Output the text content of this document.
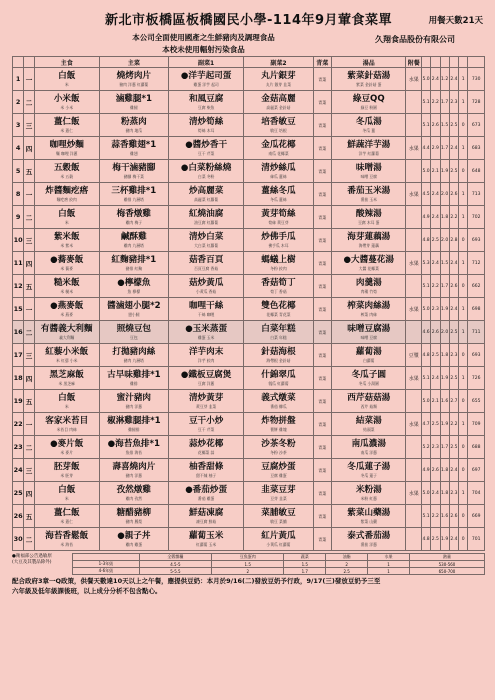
新北市板橋區板橋國民小學-114年9月葷食菜單	用餐天數21天
本公司全面使用國產之生鮮豬肉及調理食品
本校未使用輻射污染食品
久翔食品股份有限公司
		主食	主菜	副菜1	副菜2	青菜	湯品	附餐						
1	一	白飯
米	燒烤肉片
豬肉 洋蔥 紅蘿蔔	●洋芋起司蛋
雞蛋 洋芋 起司	丸片銀芽
丸片 銀芽 韭菜	青菜	紫菜針菇湯
紫菜 金針菇 蛋	水果	5.0	2.4	1.2	2.4	1	730
2	二	小米飯
米 小米	滷雞腿*1
雞腿	和風豆腐
豆腐 柴魚	金菇高麗
高麗菜 金針菇	青菜	綠豆QQ
綠豆 粉圓		5.1	2.2	1.7	2.3	1	728
3	三	薑仁飯
米 薏仁	粉蒸肉
豬肉 地瓜	清炒筍絲
筍絲 木耳	培香敏豆
敏豆 培根	青菜	冬瓜湯
冬瓜 薑		5.1	2.6	1.5	2.5	0	673
4	四	咖哩炒麵
麵 咖哩 洋蔥	蒜香雞翅*1
雞翅	●醬炒香干
豆干 芹菜	金瓜花椰
南瓜 花椰菜	青菜	鮮蔬洋芋湯
洋芋 紅蘿蔔	水果	4.4	2.9	1.7	2.4	1	683
5	五	五穀飯
米 五穀	梅干滷豬腳
豬腳 梅干菜	●白菜粉絲燒
白菜 冬粉	清炒絲瓜
絲瓜 薑絲	青菜	味噌湯
味噌 豆腐		5.0	2.1	1.9	2.5	0	648
8	一	炸醬麵疙瘩
麵疙瘩 絞肉	三杯雞排*1
雞排 九層塔	炒高麗菜
高麗菜 紅蘿蔔	薑絲冬瓜
冬瓜 薑絲	青菜	番茄玉米湯
番茄 玉米	水果	4.5	2.4	2.0	2.6	1	713
9	二	白飯
米	梅香燉雞
雞肉 梅子	紅燒油腐
油豆腐 紅蘿蔔	黃芽筍絲
筍絲 黃豆芽	青菜	酸辣湯
豆腐 木耳 蛋		4.9	2.4	1.8	2.2	1	702
10	三	紫米飯
米 紫米	鹹酥雞
雞肉 九層塔	清炒白菜
大白菜 紅蘿蔔	炒佛手瓜
佛手瓜 木耳	青菜	海芽蓮藕湯
海帶芽 蓮藕		4.8	2.5	2.0	2.8	0	693
11	四	●蕎麥飯
米 蕎麥	紅麴豬排*1
豬排 紅麴	菇香百頁
百頁豆腐 香菇	螞蟻上樹
冬粉 絞肉	青菜	●大醬蔓花湯
大醬 花椰菜	水果	5.3	2.4	1.5	2.4	1	712
12	五	糙米飯
米 糙米	●檸檬魚
魚 檸檬	菇炒黃瓜
小黃瓜 香菇	香菇筍丁
筍丁 香菇	青菜	肉羹湯
肉羹 竹筍		5.1	2.2	1.7	2.6	0	662
15	一	●燕麥飯
米 燕麥	醬滷翅小腿*2
翅小腿	咖哩干絲
干絲 咖哩	雙色花椰
花椰菜 青花菜	青菜	榨菜肉絲湯
榨菜 肉絲	水果	5.0	2.3	1.9	2.4	1	698
16	二	有醬義大利麵
義大利麵	照燒豆包
豆包	●玉米蒸蛋
雞蛋 玉米	白菜年糕
白菜 年糕	青菜	味噌豆腐湯
味噌 豆腐		4.6	2.6	2.0	2.5	1	711
17	三	紅藜小米飯
米 紅藜 小米	打拋豬肉絲
豬肉 九層塔	洋芋肉末
洋芋 絞肉	針菇海根
海帶根 金針菇	青菜	蘿蔔湯
白蘿蔔	豆漿	4.8	2.5	1.8	2.3	0	693
18	四	黑芝麻飯
米 黑芝麻	古早味雞排*1
雞排	●鐵板豆腐煲
豆腐 洋蔥	什錦翠瓜
瓠瓜 紅蘿蔔	青菜	冬瓜子圓
冬瓜 小湯圓	水果	5.1	2.4	1.9	2.5	1	726
19	五	白飯
米	蜜汁豬肉
豬肉 洋蔥	清炒黃芽
黃豆芽 韭菜	義式燉菜
番茄 櫛瓜	青菜	西芹菇菇湯
西芹 菇類		5.0	2.1	1.6	2.7	0	655
22	一	客家米苔目
米苔目 肉絲	椒淋雞腿排*1
雞腿排	豆干小炒
豆干 芹菜	炸物拼盤
薯餅 雞塊	青菜	結菜湯
結頭菜	水果	4.7	2.5	1.9	2.2	1	709
23	二	●麥片飯
米 麥片	●海苔魚排*1
魚排 海苔	蒜炒花椰
花椰菜 蒜	沙茶冬粉
冬粉 沙茶	青菜	南瓜濃湯
南瓜 洋蔥		5.2	2.3	1.7	2.5	0	688
24	三	胚芽飯
米 胚芽	壽喜燒肉片
豬肉 洋蔥	柚香甜條
甜不辣 柚子	豆腐炒蛋
豆腐 雞蛋	青菜	冬瓜蓮子湯
冬瓜 蓮子		4.9	2.6	1.8	2.4	0	697
25	四	白飯
米	孜然燉雞
雞肉 孜然	●番茄炒蛋
番茄 雞蛋	韭菜豆芽
豆芽 韭菜	青菜	米粉湯
米粉 紅蔥	水果	5.0	2.4	1.8	2.3	1	704
26	五	薑仁飯
米 薏仁	糖醋豬柳
豬肉 鳳梨	鮮菇凍腐
凍豆腐 鮮菇	菜脯敏豆
敏豆 菜脯	青菜	紫菜山藥湯
紫菜 山藥		5.1	2.2	1.6	2.6	0	669
30	二	海苔香鬆飯
米 海苔	●親子丼
雞肉 雞蛋	蘿蔔玉米
紅蘿蔔 玉米	紅片黃瓜
小黃瓜 紅蘿蔔	青菜	泰式番茄湯
番茄 洋蔥		4.8	2.5	1.9	2.4	0	701
●衛福部公告過敏原
(大豆及其製品除外)
	全榖雜糧	豆魚蛋肉	蔬菜	油脂	水果	熱量
1-3年級	4.5-5	1.5	1.5	2	1	530-560
4-6年級	5-5.5	2	1.7	2.5	1	650-700
配合政府3章一Q政策，供餐天數達10天以上之午餐，應提供豆奶：本月於9/16(二)發放豆奶予行政，9/17(三)發放豆奶予三至
六年級及低年級課後班，以上成分分析不包含點心。
